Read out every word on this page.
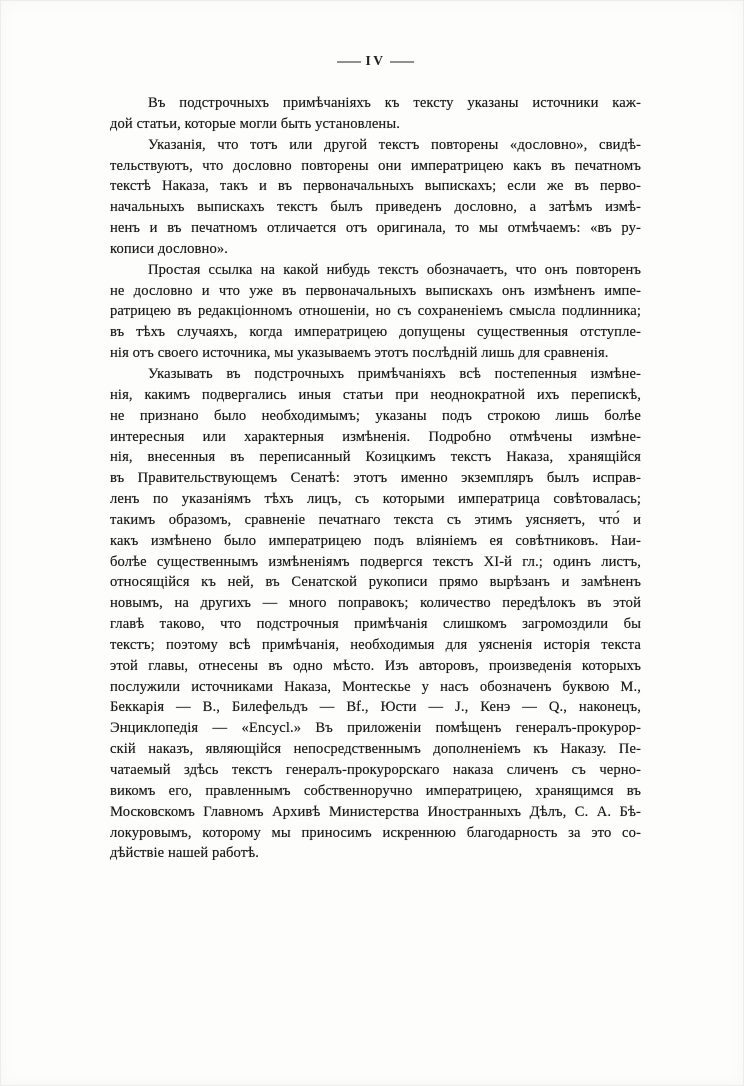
— IV —
Въ подстрочныхъ примѣчаніяхъ къ тексту указаны источники каж-
дой статьи, которые могли быть установлены.
Указанія, что тотъ или другой текстъ повторены «дословно», свидѣ-
тельствуютъ, что дословно повторены они императрицею какъ въ печатномъ
текстѣ Наказа, такъ и въ первоначальныхъ выпискахъ; если же въ перво-
начальныхъ выпискахъ текстъ былъ приведенъ дословно, а затѣмъ измѣ-
ненъ и въ печатномъ отличается отъ оригинала, то мы отмѣчаемъ: «въ ру-
кописи дословно».
Простая ссылка на какой нибудь текстъ обозначаетъ, что онъ повторенъ
не дословно и что уже въ первоначальныхъ выпискахъ онъ измѣненъ импе-
ратрицею въ редакціонномъ отношеніи, но съ сохраненіемъ смысла подлинника;
въ тѣхъ случаяхъ, когда императрицею допущены существенныя отступле-
нія отъ своего источника, мы указываемъ этотъ послѣдній лишь для сравненія.
Указывать въ подстрочныхъ примѣчаніяхъ всѣ постепенныя измѣне-
нія, какимъ подвергались иныя статьи при неоднократной ихъ перепискѣ,
не признано было необходимымъ; указаны подъ строкою лишь болѣе
интересныя или характерныя измѣненія. Подробно отмѣчены измѣне-
нія, внесенныя въ переписанный Козицкимъ текстъ Наказа, хранящійся
въ Правительствующемъ Сенатѣ: этотъ именно экземпляръ былъ исправ-
ленъ по указаніямъ тѣхъ лицъ, съ которыми императрица совѣтовалась;
такимъ образомъ, сравненіе печатнаго текста съ этимъ уясняетъ, что́ и
какъ измѣнено было императрицею подъ вліяніемъ ея совѣтниковъ. Наи-
болѣе существеннымъ измѣненіямъ подвергся текстъ XI-й гл.; одинъ листъ,
относящійся къ ней, въ Сенатской рукописи прямо вырѣзанъ и замѣненъ
новымъ, на другихъ — много поправокъ; количество передѣлокъ въ этой
главѣ таково, что подстрочныя примѣчанія слишкомъ загромоздили бы
текстъ; поэтому всѣ примѣчанія, необходимыя для уясненія исторія текста
этой главы, отнесены въ одно мѣсто. Изъ авторовъ, произведенія которыхъ
послужили источниками Наказа, Монтескье у насъ обозначенъ буквою М.,
Беккарія — B., Билефельдъ — Bf., Юсти — J., Кенэ — Q., наконецъ,
Энциклопедія — «Encycl.» Въ приложеніи помѣщенъ генералъ-прокурор-
скій наказъ, являющійся непосредственнымъ дополненіемъ къ Наказу. Пе-
чатаемый здѣсь текстъ генералъ-прокурорскаго наказа сличенъ съ черно-
викомъ его, правленнымъ собственноручно императрицею, хранящимся въ
Московскомъ Главномъ Архивѣ Министерства Иностранныхъ Дѣлъ, С. А. Бѣ-
локуровымъ, которому мы приносимъ искреннюю благодарность за это со-
дѣйствіе нашей работѣ.
